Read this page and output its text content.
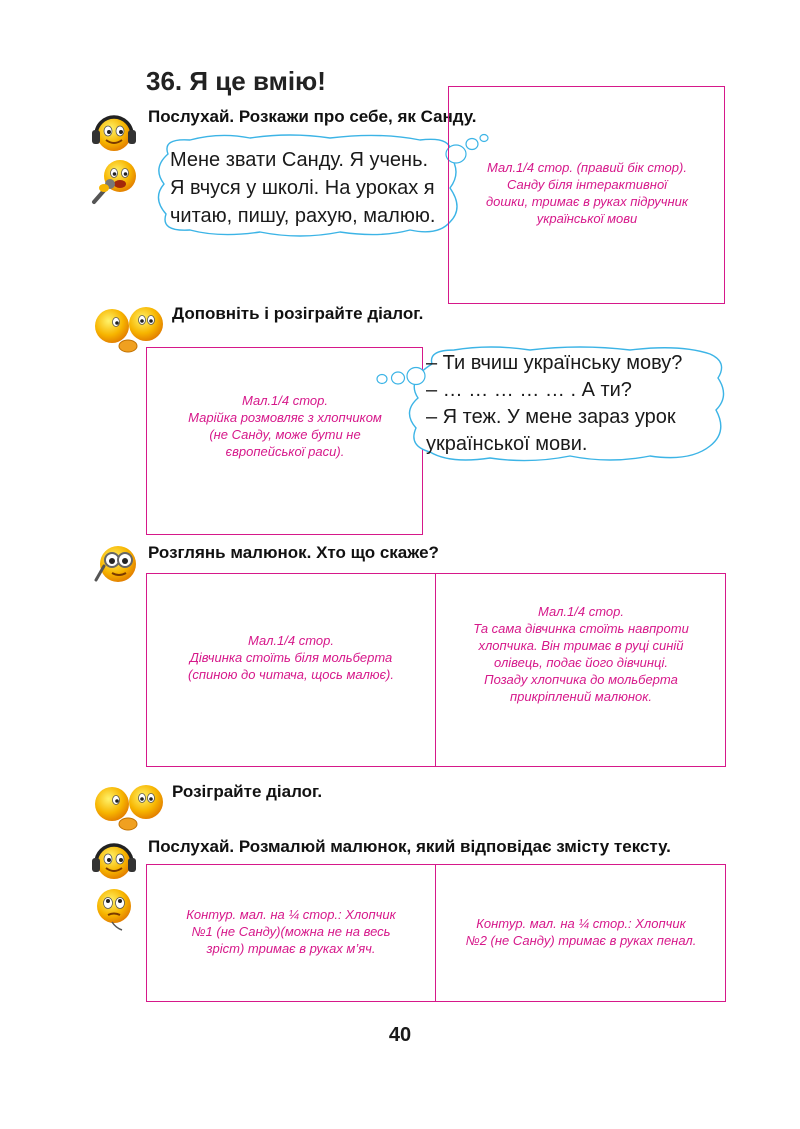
36. Я це вмію!
Послухай. Розкажи про себе, як Санду.
Мене звати Санду. Я учень.
Я вчуся у школі. На уроках я
читаю, пишу, рахую, малюю.
Мал.1/4 стор. (правий бік стор).
Санду біля інтерактивної
дошки, тримає в руках підручник
української мови
Доповніть і розіграйте діалог.
Мал.1/4 стор.
Марійка розмовляє з хлопчиком
(не Санду, може бути не
європейської раси).
– Ти вчиш українську мову?
– … … … … … . А ти?
– Я теж. У мене зараз урок
української мови.
Розглянь малюнок. Хто що скаже?
Мал.1/4 стор.
Дівчинка стоїть біля мольберта
(спиною до читача, щось малює).
Мал.1/4 стор.
Та сама дівчинка стоїть навпроти
хлопчика. Він тримає в руці синій
олівець, подає його дівчинці.
Позаду хлопчика до мольберта
прикріплений малюнок.
Розіграйте діалог.
Послухай. Розмалюй малюнок, який відповідає змісту тексту.
Контур. мал. на ¼ стор.: Хлопчик
№1 (не Санду)(можна не на весь
зріст) тримає в руках м’яч.
Контур. мал. на ¼ стор.: Хлопчик
№2 (не Санду) тримає в руках пенал.
40
